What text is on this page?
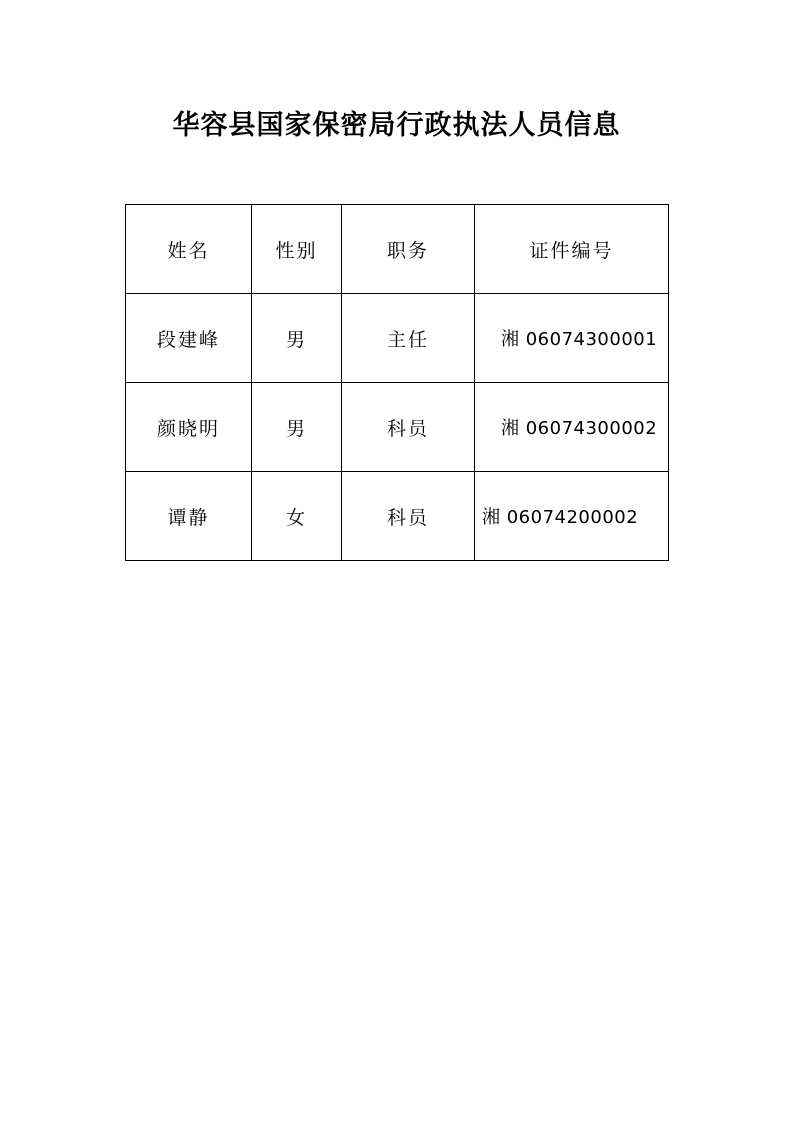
华容县国家保密局行政执法人员信息
姓名	性别	职务	证件编号
段建峰	男	主任	湘 06074300001
颜晓明	男	科员	湘 06074300002
谭静	女	科员	湘 06074200002
